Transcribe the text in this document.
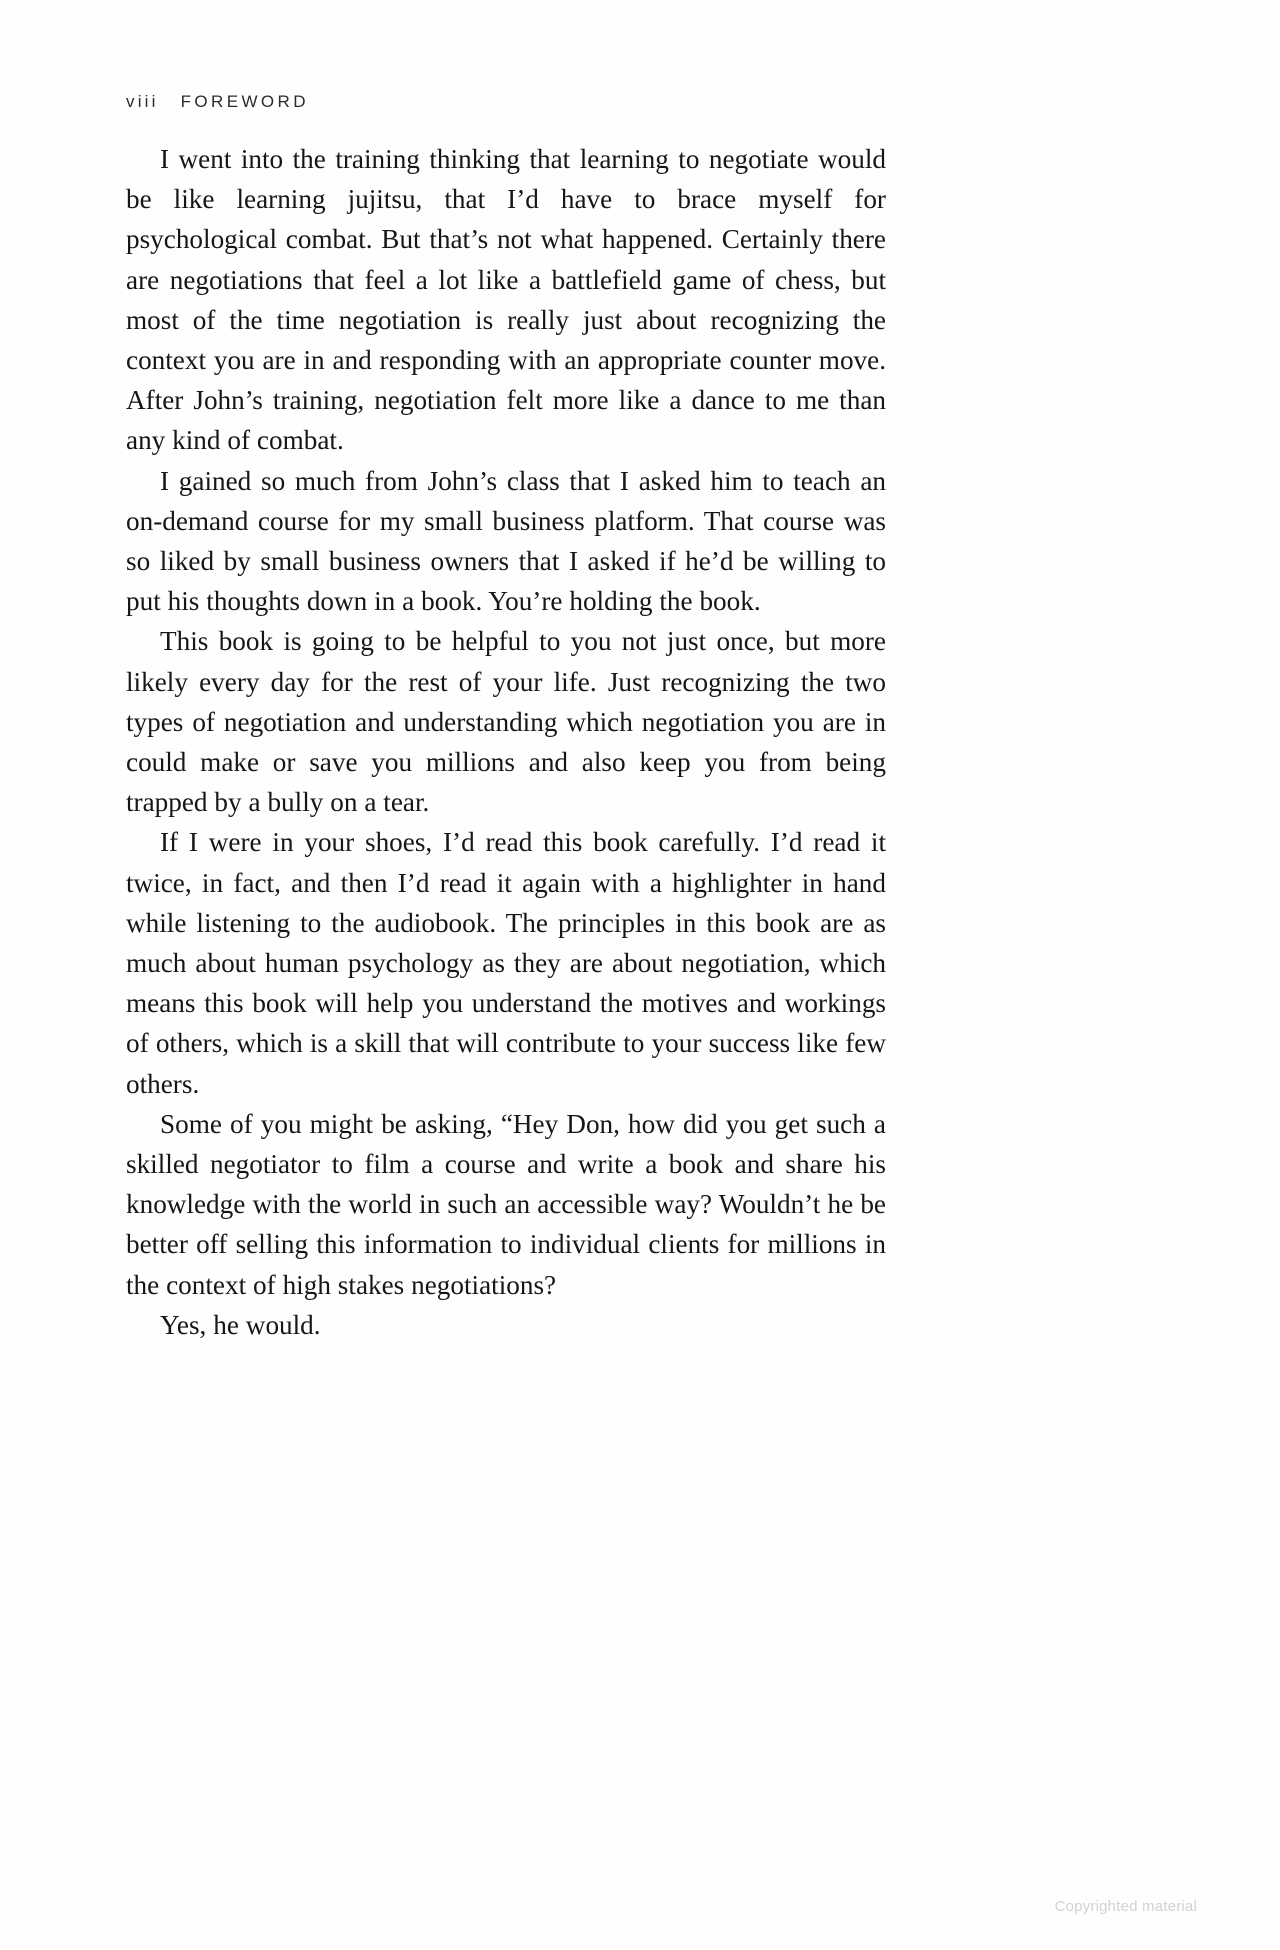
viii FOREWORD

I went into the training thinking that learning to negotiate would be like learning jujitsu, that I’d have to brace myself for psychological combat. But that’s not what happened. Certainly there are negotiations that feel a lot like a battlefield game of chess, but most of the time negotiation is really just about recognizing the context you are in and responding with an appropriate counter move. After John’s training, negotiation felt more like a dance to me than any kind of combat.

I gained so much from John’s class that I asked him to teach an on-demand course for my small business platform. That course was so liked by small business owners that I asked if he’d be willing to put his thoughts down in a book. You’re holding the book.

This book is going to be helpful to you not just once, but more likely every day for the rest of your life. Just recognizing the two types of negotiation and understanding which negotiation you are in could make or save you millions and also keep you from being trapped by a bully on a tear.

If I were in your shoes, I’d read this book carefully. I’d read it twice, in fact, and then I’d read it again with a highlighter in hand while listening to the audiobook. The principles in this book are as much about human psychology as they are about negotiation, which means this book will help you understand the motives and workings of others, which is a skill that will contribute to your success like few others.

Some of you might be asking, “Hey Don, how did you get such a skilled negotiator to film a course and write a book and share his knowledge with the world in such an accessible way? Wouldn’t he be better off selling this information to individual clients for millions in the context of high stakes negotiations?

Yes, he would.

Copyrighted material
